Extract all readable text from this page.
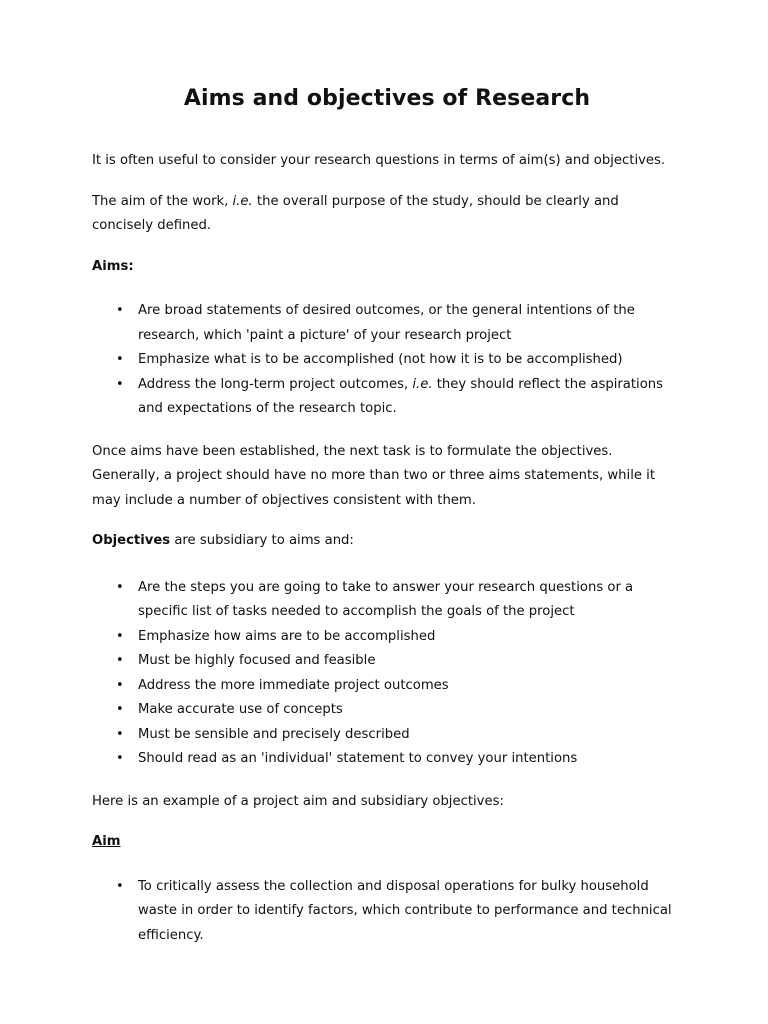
Aims and objectives of Research

It is often useful to consider your research questions in terms of aim(s) and objectives.

The aim of the work, i.e. the overall purpose of the study, should be clearly and concisely defined.

Aims:
• Are broad statements of desired outcomes, or the general intentions of the research, which 'paint a picture' of your research project
• Emphasize what is to be accomplished (not how it is to be accomplished)
• Address the long-term project outcomes, i.e. they should reflect the aspirations and expectations of the research topic.

Once aims have been established, the next task is to formulate the objectives. Generally, a project should have no more than two or three aims statements, while it may include a number of objectives consistent with them.

Objectives are subsidiary to aims and:

• Are the steps you are going to take to answer your research questions or a specific list of tasks needed to accomplish the goals of the project
• Emphasize how aims are to be accomplished
• Must be highly focused and feasible
• Address the more immediate project outcomes
• Make accurate use of concepts
• Must be sensible and precisely described
• Should read as an 'individual' statement to convey your intentions

Here is an example of a project aim and subsidiary objectives:

Aim
• To critically assess the collection and disposal operations for bulky household waste in order to identify factors, which contribute to performance and technical efficiency.
